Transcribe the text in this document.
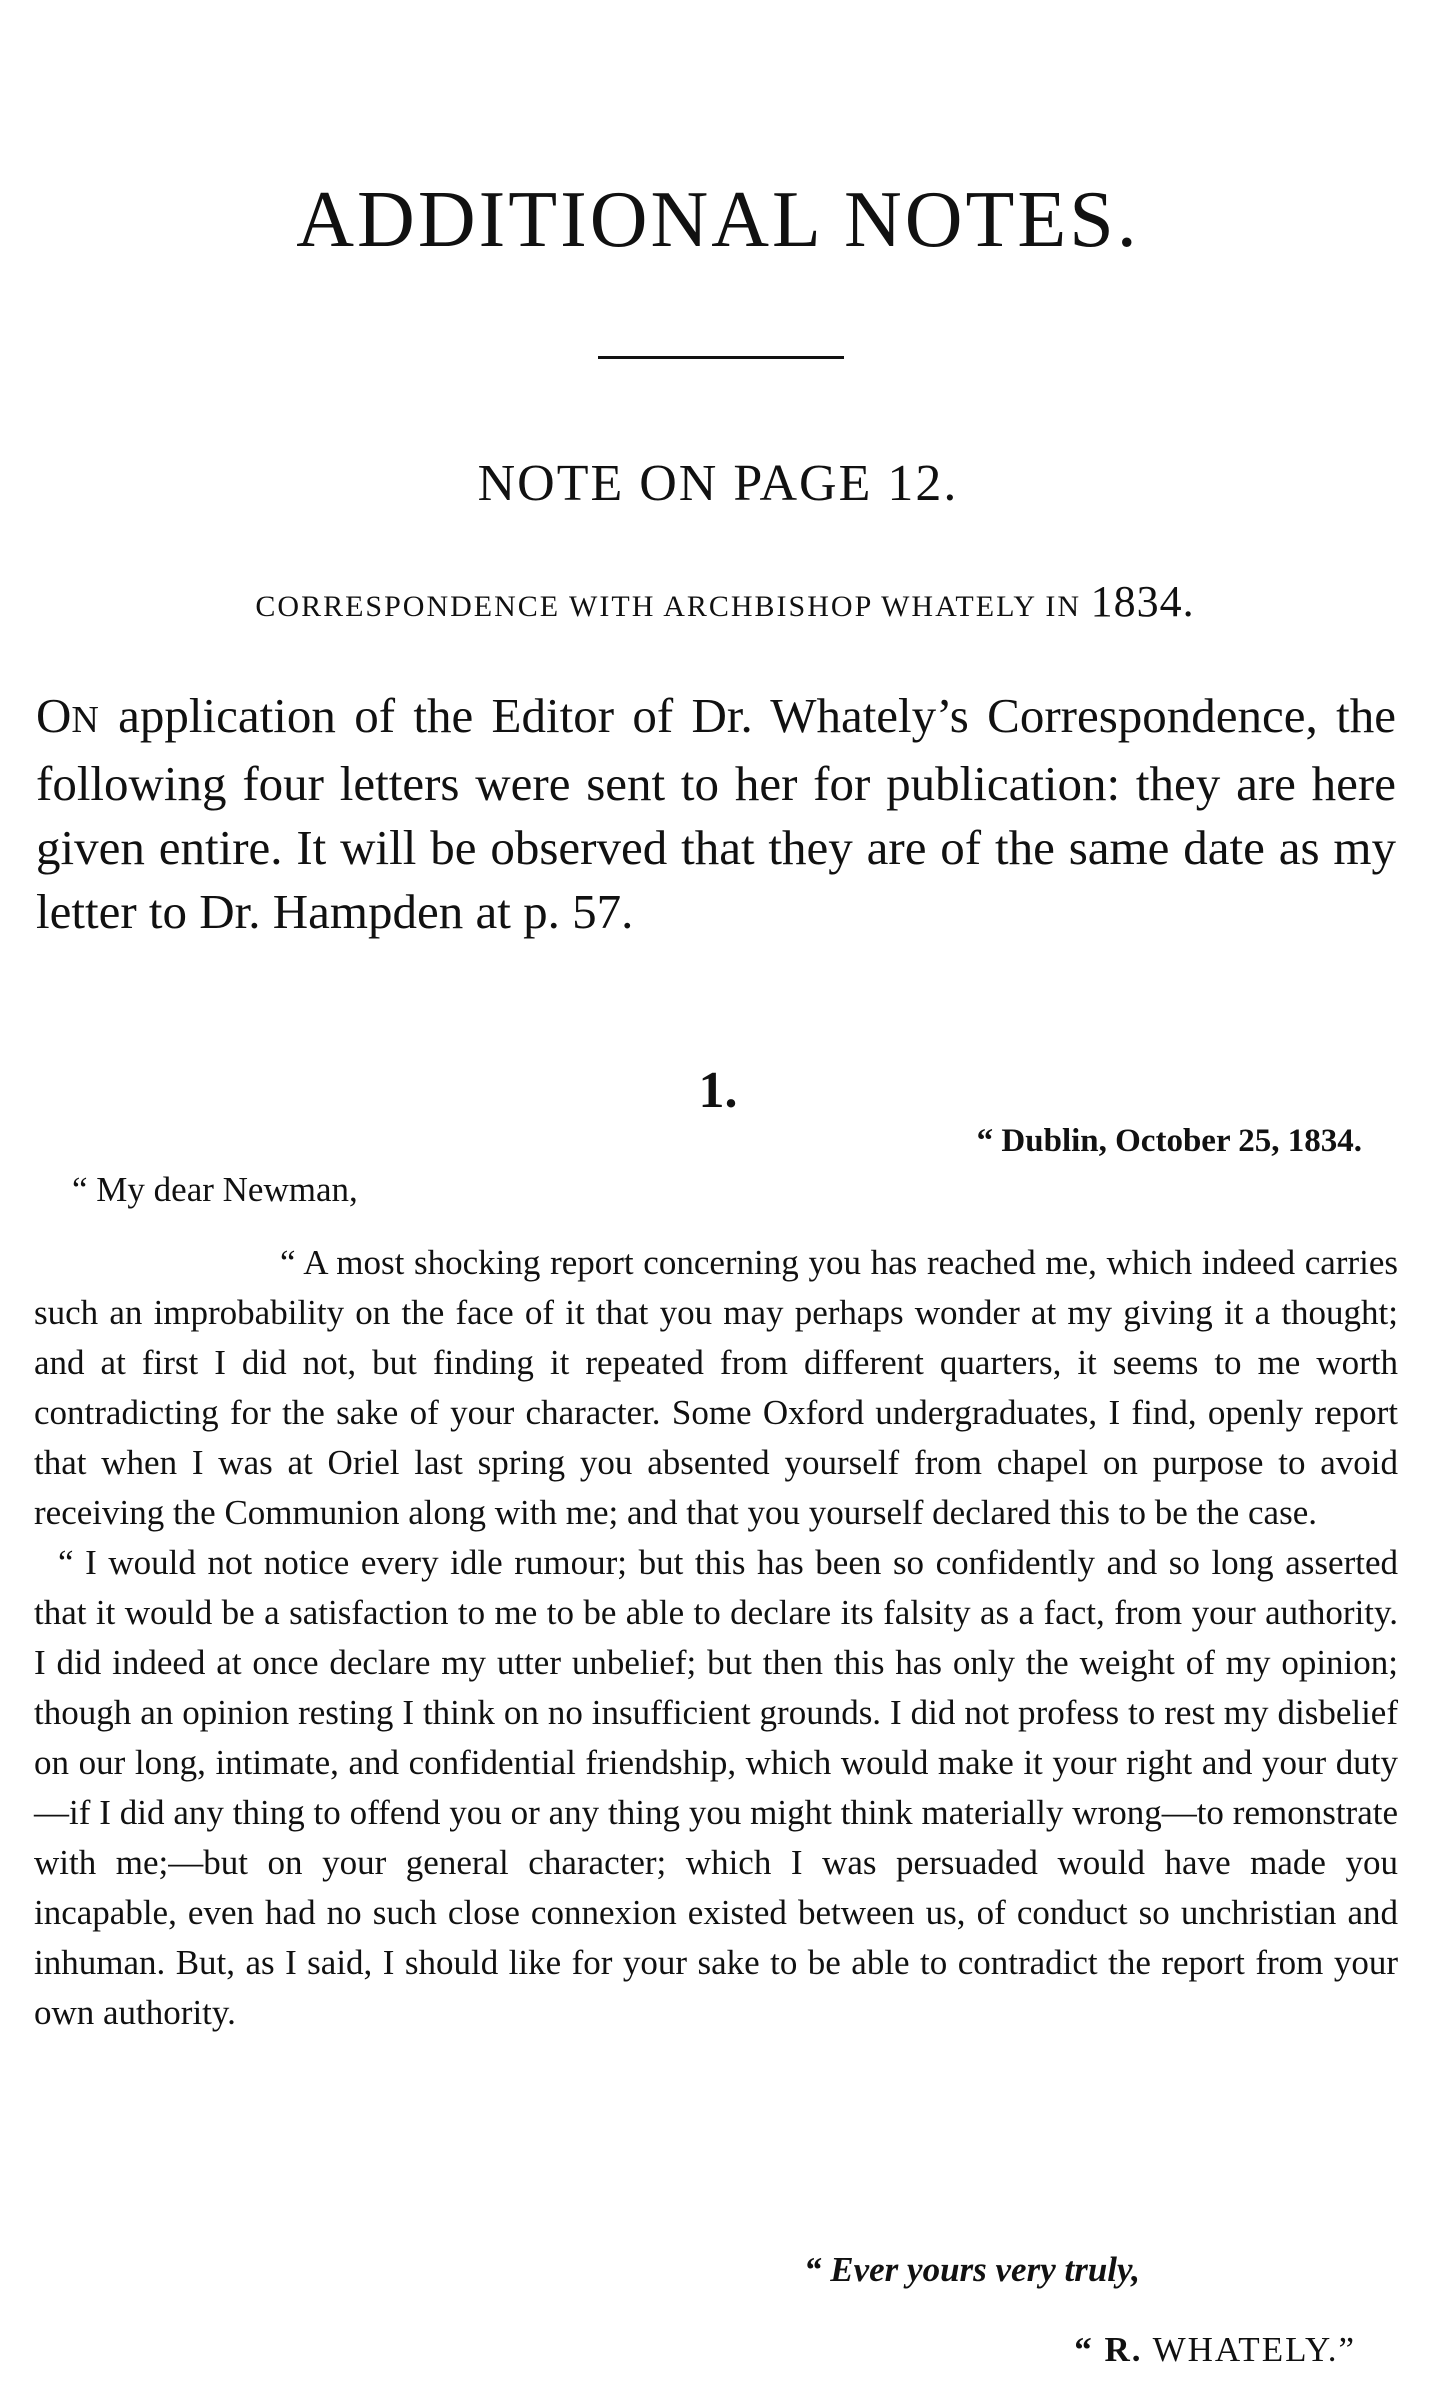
ADDITIONAL NOTES.
NOTE ON PAGE 12.
CORRESPONDENCE WITH ARCHBISHOP WHATELY IN 1834.

ON application of the Editor of Dr. Whately’s Correspondence, the following four letters were sent to her for publication: they are here given entire. It will be observed that they are of the same date as my letter to Dr. Hampden at p. 57.

1.
“ Dublin, October 25, 1834.
“ My dear Newman,

“ A most shocking report concerning you has reached me, which indeed carries such an improbability on the face of it that you may perhaps wonder at my giving it a thought; and at first I did not, but finding it repeated from different quarters, it seems to me worth contradicting for the sake of your character. Some Oxford undergraduates, I find, openly report that when I was at Oriel last spring you absented yourself from chapel on purpose to avoid receiving the Communion along with me; and that you yourself declared this to be the case.

“ I would not notice every idle rumour; but this has been so confidently and so long asserted that it would be a satisfaction to me to be able to declare its falsity as a fact, from your authority. I did indeed at once declare my utter unbelief; but then this has only the weight of my opinion; though an opinion resting I think on no insufficient grounds. I did not profess to rest my disbelief on our long, intimate, and confidential friendship, which would make it your right and your duty—if I did any thing to offend you or any thing you might think materially wrong—to remonstrate with me;—but on your general character; which I was persuaded would have made you incapable, even had no such close connexion existed between us, of conduct so unchristian and inhuman. But, as I said, I should like for your sake to be able to contradict the report from your own authority.

“ Ever yours very truly,
“ R. WHATELY.”
